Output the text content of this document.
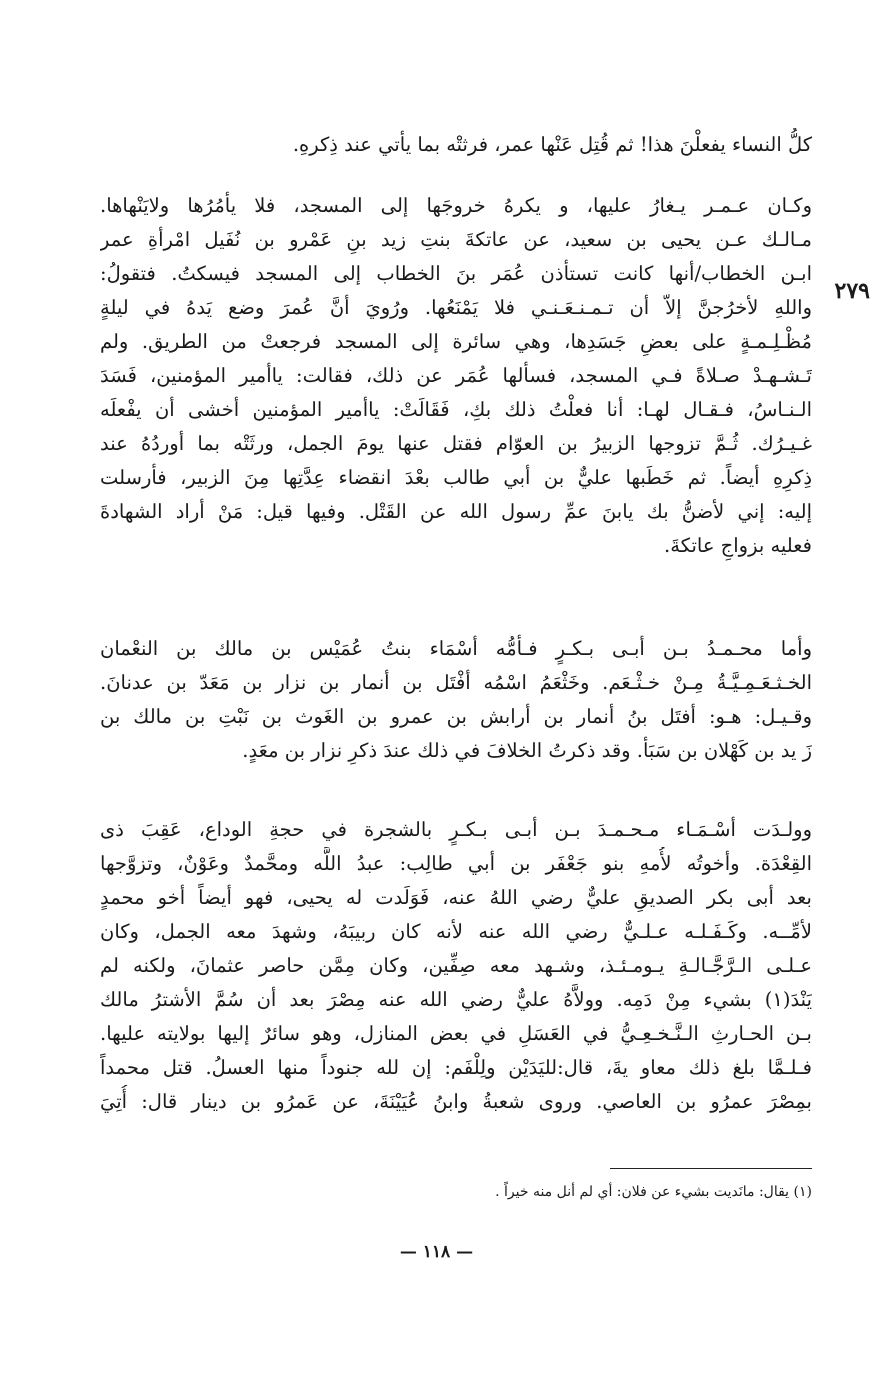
٢٧٩
كلُّ النساء يفعلْنَ هذا! ثم قُتِل عَنْها عمر، فرثتْه بما يأتي عند ذِكرهِ.
وكـان عـمـر يـغارُ عليها، و يكرهُ خروجَها إلى المسجد، فلا يأمُرُها ولايَنْهاها.
مـالـك عـن يحيى بن سعيد، عن عاتكةَ بنتِ زيد بنِ عَمْرو بن نُفَيل امْرأةِ عمر
ابـن الخطاب/أنها كانت تستأذن عُمَر بنَ الخطاب إلى المسجد فيسكتُ. فتقولُ:
واللهِ لأخرُجنَّ إلاّ أن تـمـنـعَـنـي فلا يَمْنَعُها. ورُويَ أنَّ عُمرَ وضع يَدهُ في ليلةٍ
مُظْـلِـمـةٍ على بعضِ جَسَدِها، وهي سائرة إلى المسجد فرجعتْ من الطريق. ولم
تَـشـهـدْ صـلاةً فـي المسجد، فسألها عُمَر عن ذلك، فقالت: ياأمير المؤمنين، فَسَدَ
الـنـاسُ، فـقـال لهـا: أنا فعلْتُ ذلك بكِ، فَقَالَتْ: ياأمير المؤمنين أخشى أن يفْعلَه
غـيـرُك. ثُـمَّ تزوجها الزبيرُ بن العوّام فقتل عنها يومَ الجمل، ورثَتْه بما أوردُهُ عند
ذِكرِهِ أيضاً. ثم خَطَبها عليٌّ بن أبي طالب بعْدَ انقضاء عِدَّتِها مِنَ الزبير، فأرسلت
إليه: إني لأضنُّ بك يابنَ عمِّ رسول الله عن القَتْل. وفيها قيل: مَنْ أراد الشهادةَ
فعليه بزواجِ عاتكةَ.
وأما محـمـدُ بـن أبـى بـكـرٍ فـأمُّه أسْمَاء بنتُ عُمَيْس بن مالك بن النعْمان
الخـثـعَـمِـيَّـةُ مِـنْ خـثْـعَم. وخَثْعَمُ اسْمُه أفْتَل بن أنمار بن نزار بن مَعَدّ بن عدنانَ.
وقـيـل: هـو: أفتَل بنُ أنمار بن أرابش بن عمرو بن الغَوث بن نَبْتِ بن مالك بن
زَ يد بن كَهْلان بن سَبَأ. وقد ذكرتُ الخلافَ في ذلك عندَ ذكرِ نزار بن معَدٍ.
وولـدَت أسْـمَـاء مـحـمـدَ بـن أبـى بـكـرٍ بالشجرة في حجةِ الوداع، عَقِبَ ذى
القِعْدَة. وأخوتُه لأُمهِ بنو جَعْفَر بن أبي طالِب: عبدُ اللَّه ومحَّمدٌ وعَوْنٌ، وتزوَّجها
بعد أبى بكر الصديقِ عليٌّ رضي اللهُ عنه، فَوَلَدت له يحيى، فهو أيضاً أخو محمدٍ
لأمِّــه. وكَـفَـلـه عـلـيٌّ رضي الله عنه لأنه كان ربيبَهُ، وشهدَ معه الجمل، وكان
عـلـى الـرَّجَّـالـةِ يـومـئـذ، وشـهد معه صِفِّين، وكان مِمَّن حاصر عثمانَ، ولكنه لم
يَنْدَ(١) بشيء مِنْ دَمِه. وولاَّهُ عليٌّ رضي الله عنه مِصْرَ بعد أن سُمَّ الأشترُ مالك
بـن الحـارثِ الـنَّـخـعِـيُّ في العَسَلِ في بعض المنازل، وهو سائرٌ إليها بولايته عليها.
فـلـمَّا بلغ ذلك معاو يةَ، قال:لليَدَيْن ولِلْفَم: إن لله جنوداً منها العسلُ. قتل محمداً
بمِصْرَ عمرُو بن العاصي. وروى شعبةُ وابنُ عُيَيْنَةَ، عن عَمرُو بن دينار قال: أُتِيَ
(١) يقال: مانَديت بشيء عن فلان: أي لم أنل منه خيراً .
— ١١٨ —
